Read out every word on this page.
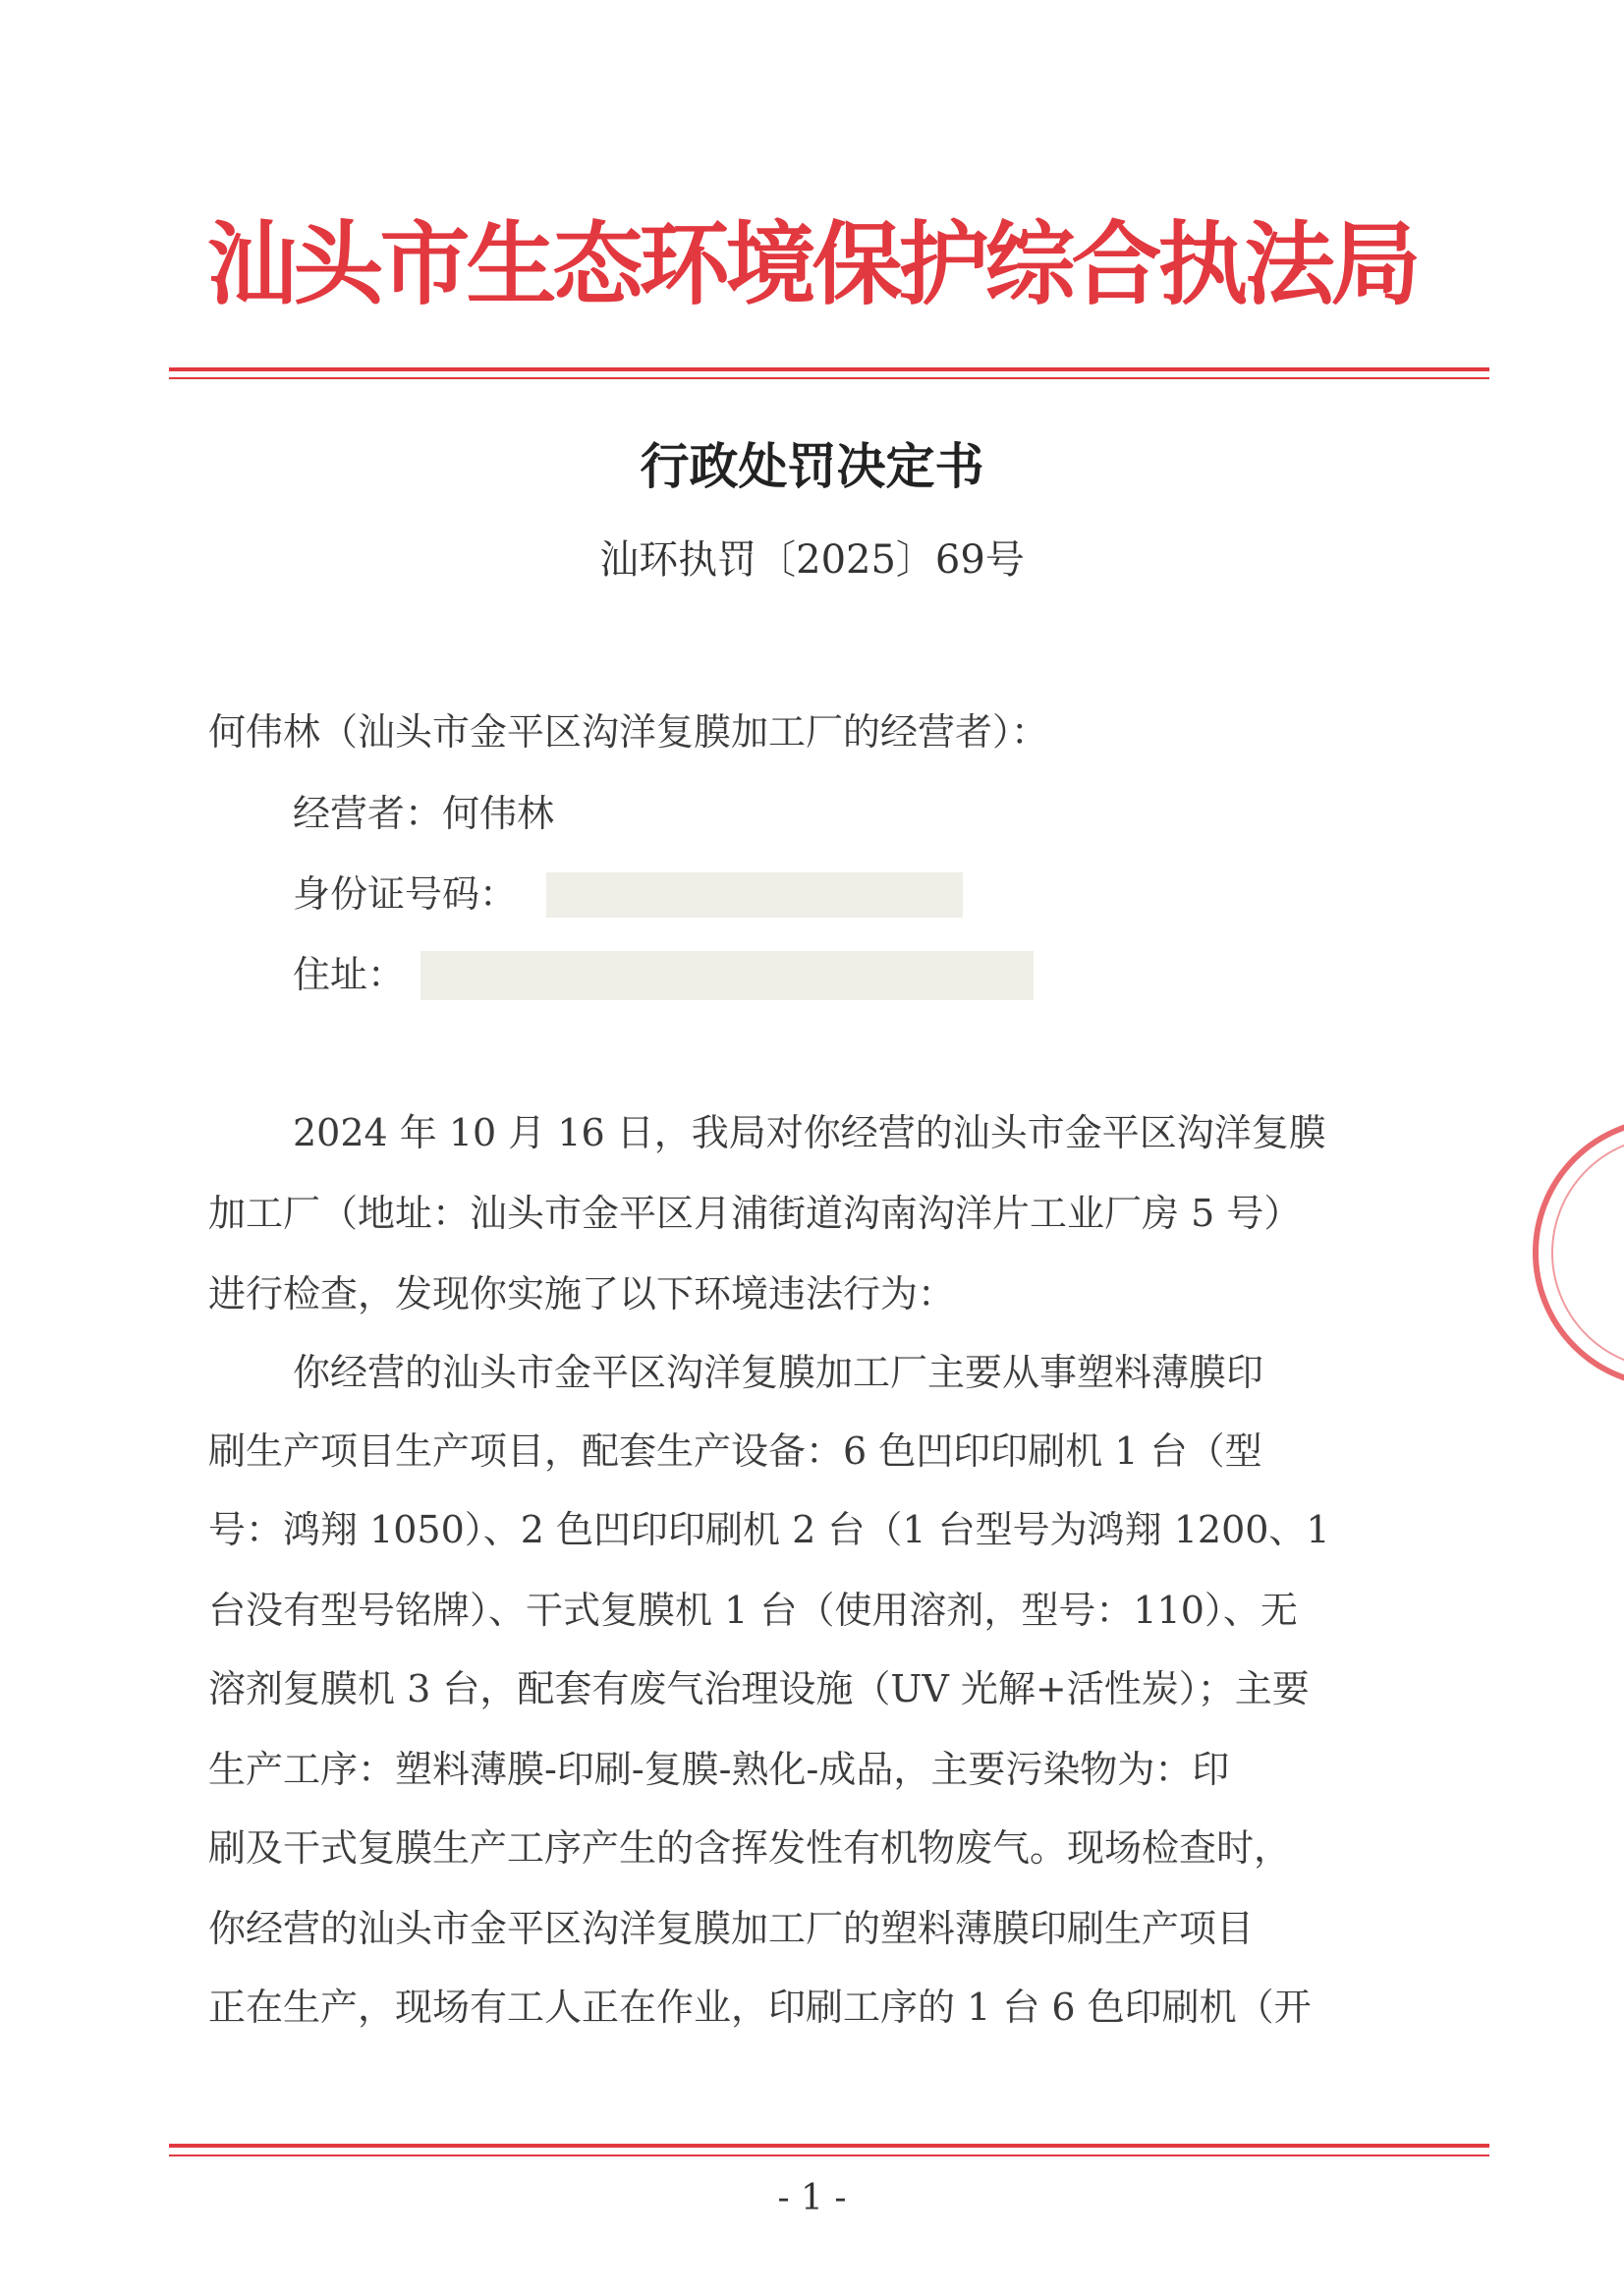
汕头市生态环境保护综合执法局
行政处罚决定书
汕环执罚〔2025〕69号
何伟林（汕头市金平区沟洋复膜加工厂的经营者）：
经营者：何伟林
身份证号码：
住址：
2024 年 10 月 16 日，我局对你经营的汕头市金平区沟洋复膜
加工厂（地址：汕头市金平区月浦街道沟南沟洋片工业厂房 5 号）
进行检查，发现你实施了以下环境违法行为：
你经营的汕头市金平区沟洋复膜加工厂主要从事塑料薄膜印
刷生产项目生产项目，配套生产设备：6 色凹印印刷机 1 台（型
号：鸿翔 1050）、2 色凹印印刷机 2 台（1 台型号为鸿翔 1200、1
台没有型号铭牌）、干式复膜机 1 台（使用溶剂，型号：110）、无
溶剂复膜机 3 台，配套有废气治理设施（UV 光解+活性炭）；主要
生产工序：塑料薄膜-印刷-复膜-熟化-成品，主要污染物为：印
刷及干式复膜生产工序产生的含挥发性有机物废气。现场检查时，
你经营的汕头市金平区沟洋复膜加工厂的塑料薄膜印刷生产项目
正在生产，现场有工人正在作业，印刷工序的 1 台 6 色印刷机（开
- 1 -
